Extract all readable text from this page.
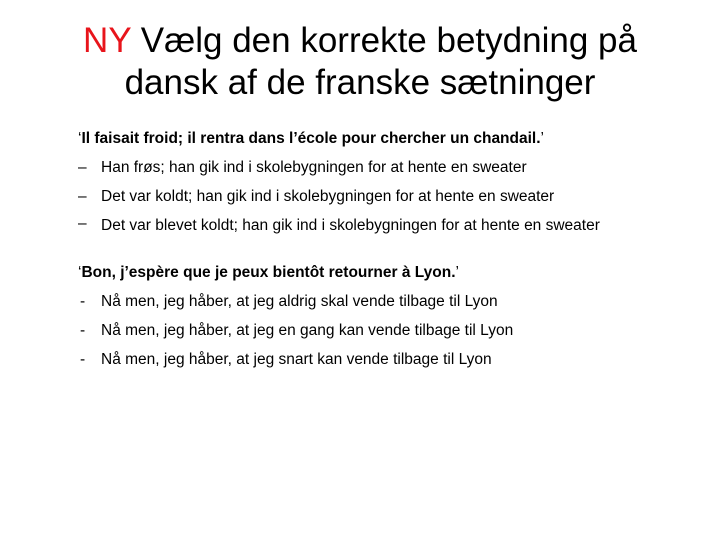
NY Vælg den korrekte betydning på dansk af de franske sætninger

‘Il faisait froid; il rentra dans l’école pour chercher un chandail.’

– Han frøs; han gik ind i skolebygningen for at hente en sweater
– Det var koldt; han gik ind i skolebygningen for at hente en sweater
– Det var blevet koldt; han gik ind i skolebygningen for at hente en sweater

‘Bon, j’espère que je peux bientôt retourner à Lyon.’

- Nå men, jeg håber, at jeg aldrig skal vende tilbage til Lyon
- Nå men, jeg håber, at jeg en gang kan vende tilbage til Lyon
- Nå men, jeg håber, at jeg snart kan vende tilbage til Lyon
